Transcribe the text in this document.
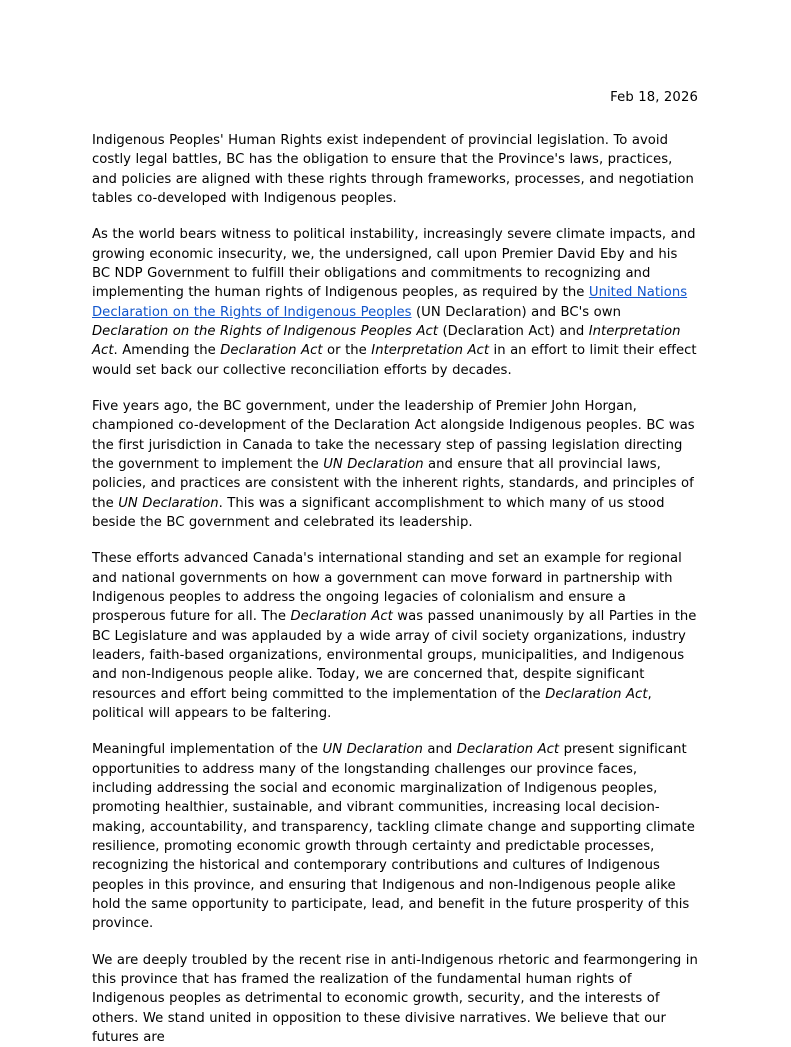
Feb 18, 2026

Indigenous Peoples' Human Rights exist independent of provincial legislation. To avoid costly legal battles, BC has the obligation to ensure that the Province's laws, practices, and policies are aligned with these rights through frameworks, processes, and negotiation tables co-developed with Indigenous peoples.

As the world bears witness to political instability, increasingly severe climate impacts, and growing economic insecurity, we, the undersigned, call upon Premier David Eby and his BC NDP Government to fulfill their obligations and commitments to recognizing and implementing the human rights of Indigenous peoples, as required by the United Nations Declaration on the Rights of Indigenous Peoples (UN Declaration) and BC's own Declaration on the Rights of Indigenous Peoples Act (Declaration Act) and Interpretation Act. Amending the Declaration Act or the Interpretation Act in an effort to limit their effect would set back our collective reconciliation efforts by decades.

Five years ago, the BC government, under the leadership of Premier John Horgan, championed co-development of the Declaration Act alongside Indigenous peoples. BC was the first jurisdiction in Canada to take the necessary step of passing legislation directing the government to implement the UN Declaration and ensure that all provincial laws, policies, and practices are consistent with the inherent rights, standards, and principles of the UN Declaration. This was a significant accomplishment to which many of us stood beside the BC government and celebrated its leadership.

These efforts advanced Canada's international standing and set an example for regional and national governments on how a government can move forward in partnership with Indigenous peoples to address the ongoing legacies of colonialism and ensure a prosperous future for all. The Declaration Act was passed unanimously by all Parties in the BC Legislature and was applauded by a wide array of civil society organizations, industry leaders, faith-based organizations, environmental groups, municipalities, and Indigenous and non-Indigenous people alike. Today, we are concerned that, despite significant resources and effort being committed to the implementation of the Declaration Act, political will appears to be faltering.

Meaningful implementation of the UN Declaration and Declaration Act present significant opportunities to address many of the longstanding challenges our province faces, including addressing the social and economic marginalization of Indigenous peoples, promoting healthier, sustainable, and vibrant communities, increasing local decision-making, accountability, and transparency, tackling climate change and supporting climate resilience, promoting economic growth through certainty and predictable processes, recognizing the historical and contemporary contributions and cultures of Indigenous peoples in this province, and ensuring that Indigenous and non-Indigenous people alike hold the same opportunity to participate, lead, and benefit in the future prosperity of this province.

We are deeply troubled by the recent rise in anti-Indigenous rhetoric and fearmongering in this province that has framed the realization of the fundamental human rights of Indigenous peoples as detrimental to economic growth, security, and the interests of others. We stand united in opposition to these divisive narratives. We believe that our futures are
